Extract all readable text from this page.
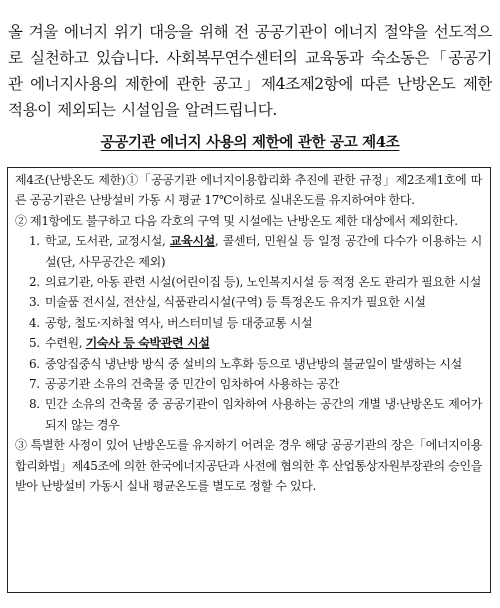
올 겨울 에너지 위기 대응을 위해 전 공공기관이 에너지 절약을 선도적으로 실천하고 있습니다. 사회복무연수센터의 교육동과 숙소동은「공공기관 에너지사용의 제한에 관한 공고」제4조제2항에 따른 난방온도 제한 적용이 제외되는 시설임을 알려드립니다.

공공기관 에너지 사용의 제한에 관한 공고 제4조

제4조(난방온도 제한)①「공공기관 에너지이용합리화 추진에 관한 규정」제2조제1호에 따른 공공기관은 난방설비 가동 시 평균 17℃이하로 실내온도를 유지하여야 한다.

② 제1항에도 불구하고 다음 각호의 구역 및 시설에는 난방온도 제한 대상에서 제외한다.

1. 학교, 도서관, 교정시설, 교육시설, 콜센터, 민원실 등 일정 공간에 다수가 이용하는 시설(단, 사무공간은 제외)
2. 의료기관, 아동 관련 시설(어린이집 등), 노인복지시설 등 적정 온도 관리가 필요한 시설
3. 미술품 전시실, 전산실, 식품관리시설(구역) 등 특정온도 유지가 필요한 시설
4. 공항, 철도·지하철 역사, 버스터미널 등 대중교통 시설
5. 수련원, 기숙사 등 숙박관련 시설
6. 중앙집중식 냉난방 방식 중 설비의 노후화 등으로 냉난방의 불균일이 발생하는 시설
7. 공공기관 소유의 건축물 중 민간이 임차하여 사용하는 공간
8. 민간 소유의 건축물 중 공공기관이 임차하여 사용하는 공간의 개별 냉·난방온도 제어가 되지 않는 경우

③ 특별한 사정이 있어 난방온도를 유지하기 어려운 경우 해당 공공기관의 장은「에너지이용 합리화법」제45조에 의한 한국에너지공단과 사전에 협의한 후 산업통상자원부장관의 승인을 받아 난방설비 가동시 실내 평균온도를 별도로 정할 수 있다.
